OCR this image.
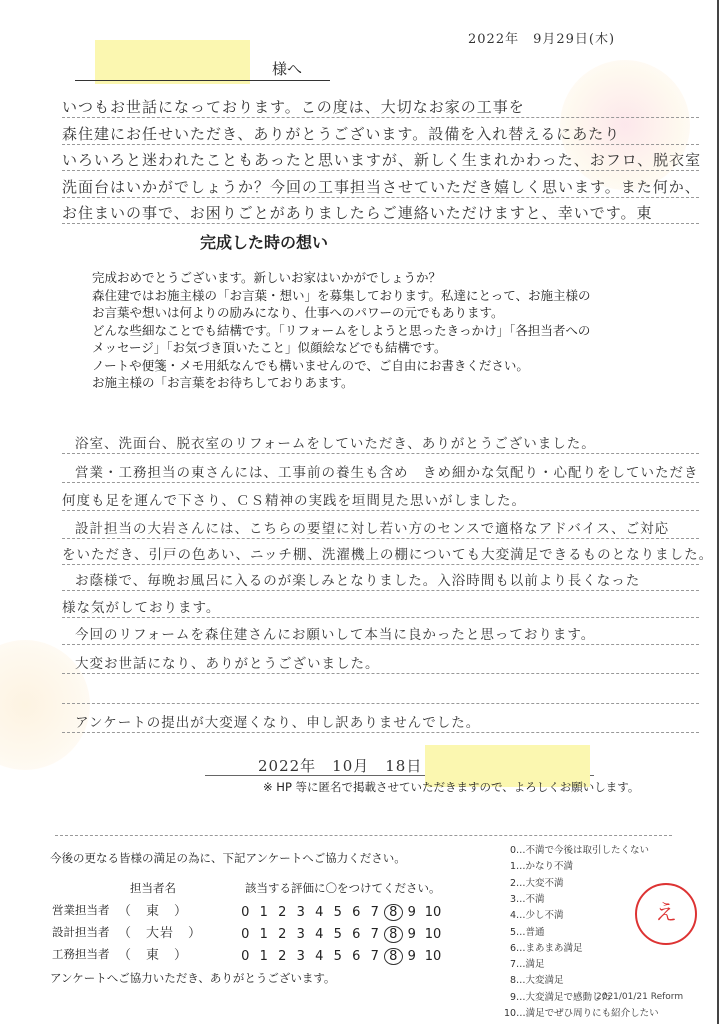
2022年　9月29日(木)
様へ
いつもお世話になっております。この度は、大切なお家の工事を
森住建にお任せいただき、ありがとうございます。設備を入れ替えるにあたり
いろいろと迷われたこともあったと思いますが、新しく生まれかわった、おフロ、脱衣室
洗面台はいかがでしょうか？今回の工事担当させていただき嬉しく思います。また何か、
お住まいの事で、お困りごとがありましたらご連絡いただけますと、幸いです。東
完成した時の想い
完成おめでとうございます。新しいお家はいかがでしょうか？
森住建ではお施主様の「お言葉・想い」を募集しております。私達にとって、お施主様の
お言葉や想いは何よりの励みになり、仕事へのパワーの元でもあります。
どんな些細なことでも結構です。「リフォームをしようと思ったきっかけ」「各担当者への
メッセージ」「お気づき頂いたこと」似顔絵などでも結構です。
ノートや便箋・メモ用紙なんでも構いませんので、ご自由にお書きください。
お施主様の「お言葉をお待ちしておりあます。
浴室、洗面台、脱衣室のリフォームをしていただき、ありがとうございました。
営業・工務担当の東さんには、工事前の養生も含め　きめ細かな気配り・心配りをしていただき
何度も足を運んで下さり、ＣＳ精神の実践を垣間見た思いがしました。
設計担当の大岩さんには、こちらの要望に対し若い方のセンスで適格なアドバイス、ご対応
をいただき、引戸の色あい、ニッチ棚、洗濯機上の棚についても大変満足できるものとなりました。
お蔭様で、毎晩お風呂に入るのが楽しみとなりました。入浴時間も以前より長くなった
様な気がしております。
今回のリフォームを森住建さんにお願いして本当に良かったと思っております。
大変お世話になり、ありがとうございました。
アンケートの提出が大変遅くなり、申し訳ありませんでした。
2022年　10月　18日
※ HP 等に匿名で掲載させていただきますので、よろしくお願いします。
今後の更なる皆様の満足の為に、下記アンケートへご協力ください。
担当者名	該当する評価に〇をつけてください。
営業担当者 （　東　）	0 1 2 3 4 5 6 7 8 9 10
設計担当者 （　大岩　）	0 1 2 3 4 5 6 7 8 9 10
工務担当者 （　東　）	0 1 2 3 4 5 6 7 8 9 10
アンケートへご協力いただき、ありがとうございます。
0…不満で今後は取引したくない
1…かなり不満
2…大変不満
3…不満
4…少し不満
5…普通
6…まあまあ満足
7…満足
8…大変満足
9…大変満足で感動した
10…満足でぜひ周りにも紹介したい
2021/01/21 Reform
え
